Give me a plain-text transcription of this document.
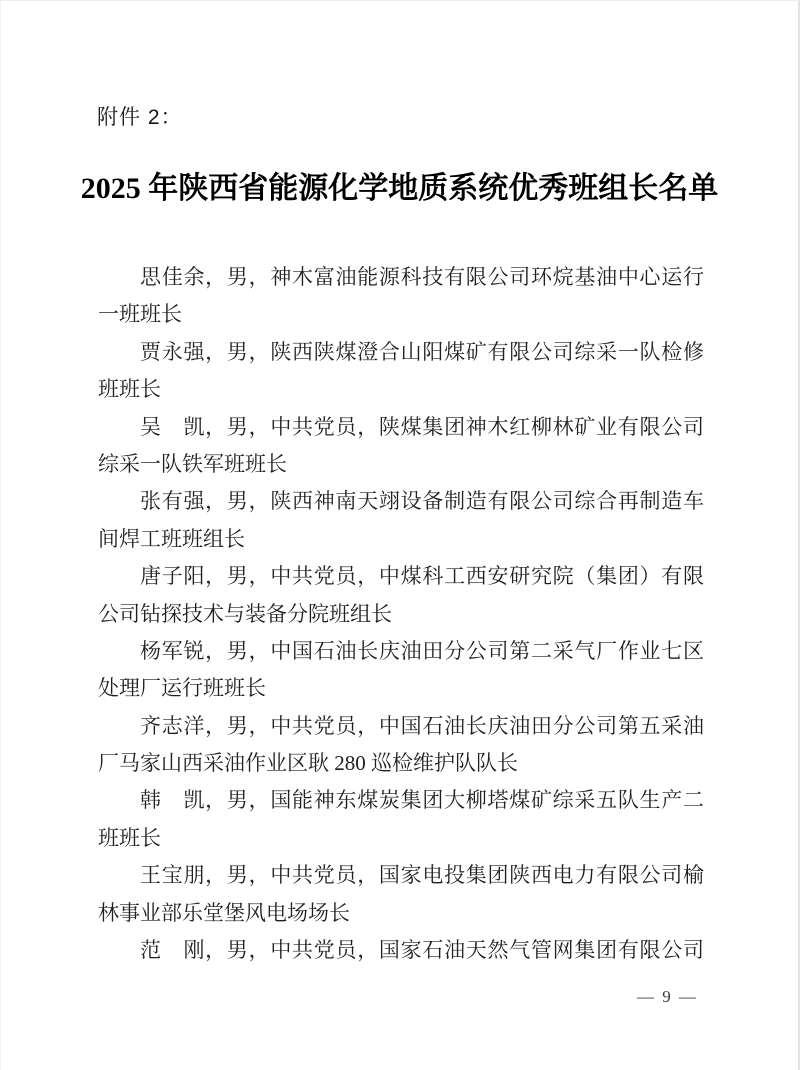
附件 2：
2025 年陕西省能源化学地质系统优秀班组长名单
思佳余，男，神木富油能源科技有限公司环烷基油中心运行
一班班长
贾永强，男，陕西陕煤澄合山阳煤矿有限公司综采一队检修
班班长
吴　凯，男，中共党员，陕煤集团神木红柳林矿业有限公司
综采一队铁军班班长
张有强，男，陕西神南天翊设备制造有限公司综合再制造车
间焊工班班组长
唐子阳，男，中共党员，中煤科工西安研究院（集团）有限
公司钻探技术与装备分院班组长
杨军锐，男，中国石油长庆油田分公司第二采气厂作业七区
处理厂运行班班长
齐志洋，男，中共党员，中国石油长庆油田分公司第五采油
厂马家山西采油作业区耿 280 巡检维护队队长
韩　凯，男，国能神东煤炭集团大柳塔煤矿综采五队生产二
班班长
王宝朋，男，中共党员，国家电投集团陕西电力有限公司榆
林事业部乐堂堡风电场场长
范　刚，男，中共党员，国家石油天然气管网集团有限公司
— 9 —
